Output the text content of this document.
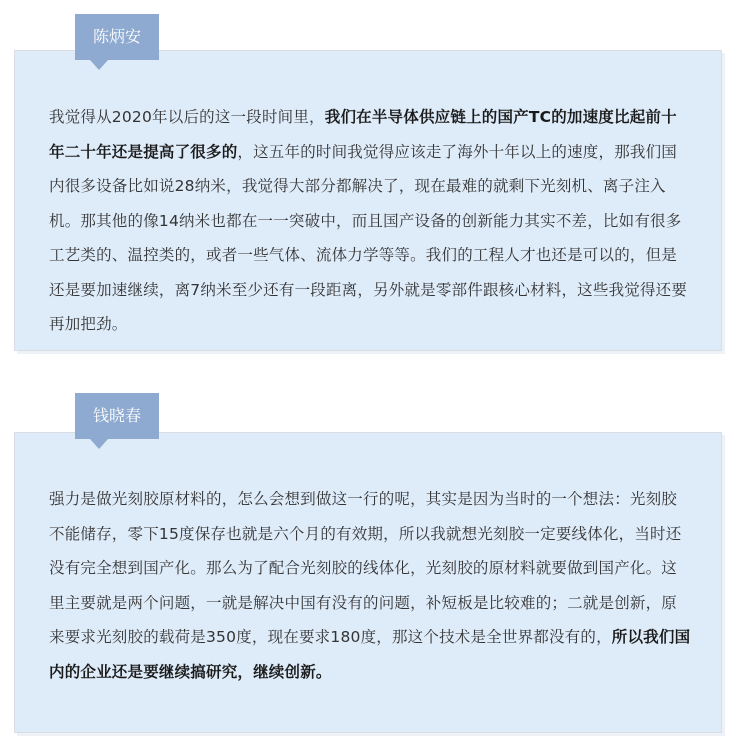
我觉得从2020年以后的这一段时间里，我们在半导体供应链上的国产TC的加速度比起前十年二十年还是提高了很多的，这五年的时间我觉得应该走了海外十年以上的速度，那我们国内很多设备比如说28纳米，我觉得大部分都解决了，现在最难的就剩下光刻机、离子注入机。那其他的像14纳米也都在一一突破中，而且国产设备的创新能力其实不差，比如有很多工艺类的、温控类的，或者一些气体、流体力学等等。我们的工程人才也还是可以的，但是还是要加速继续，离7纳米至少还有一段距离，另外就是零部件跟核心材料，这些我觉得还要再加把劲。

陈炳安

强力是做光刻胶原材料的，怎么会想到做这一行的呢，其实是因为当时的一个想法：光刻胶不能储存，零下15度保存也就是六个月的有效期，所以我就想光刻胶一定要线体化，当时还没有完全想到国产化。那么为了配合光刻胶的线体化，光刻胶的原材料就要做到国产化。这里主要就是两个问题，一就是解决中国有没有的问题，补短板是比较难的；二就是创新，原来要求光刻胶的载荷是350度，现在要求180度，那这个技术是全世界都没有的，所以我们国内的企业还是要继续搞研究，继续创新。

钱晓春
